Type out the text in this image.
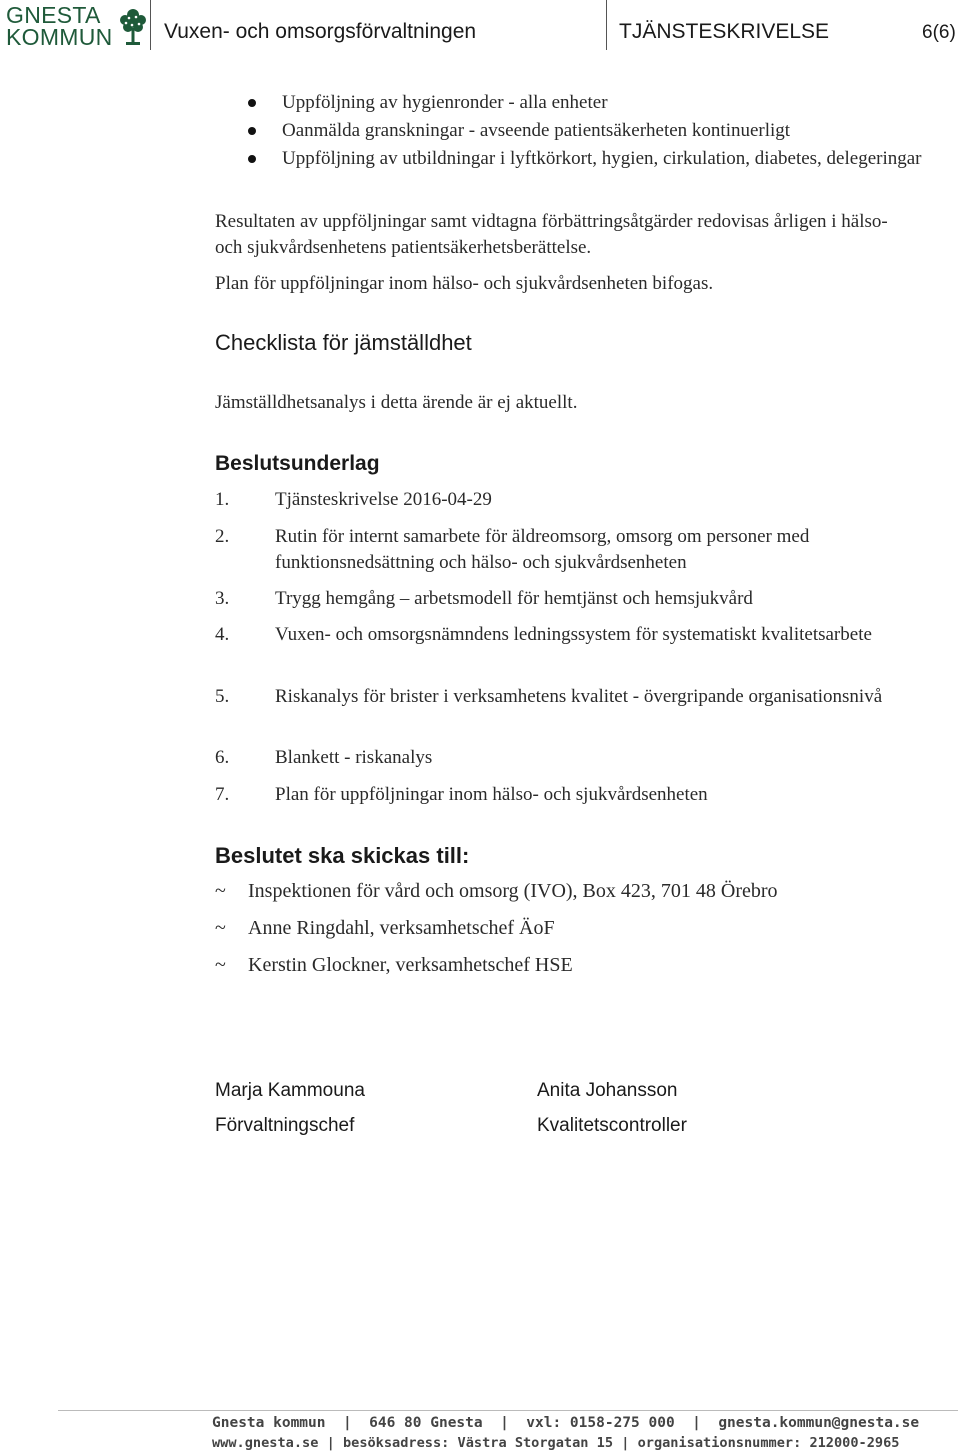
GNESTA
KOMMUN Vuxen- och omsorgsförvaltningen	TJÄNSTESKRIVELSE	6(6)
Uppföljning av hygienronder - alla enheter
Oanmälda granskningar - avseende patientsäkerheten kontinuerligt
Uppföljning av utbildningar i lyftkörkort, hygien, cirkulation, diabetes, delegeringar
Resultaten av uppföljningar samt vidtagna förbättringsåtgärder redovisas årligen i hälso- och sjukvårdsenhetens patientsäkerhetsberättelse.
Plan för uppföljningar inom hälso- och sjukvårdsenheten bifogas.
Checklista för jämställdhet
Jämställdhetsanalys i detta ärende är ej aktuellt.
Beslutsunderlag
1. Tjänsteskrivelse 2016-04-29
2. Rutin för internt samarbete för äldreomsorg, omsorg om personer med funktionsnedsättning och hälso- och sjukvårdsenheten
3. Trygg hemgång – arbetsmodell för hemtjänst och hemsjukvård
4. Vuxen- och omsorgsnämndens ledningssystem för systematiskt kvalitetsarbete
5. Riskanalys för brister i verksamhetens kvalitet - övergripande organisationsnivå
6. Blankett - riskanalys
7. Plan för uppföljningar inom hälso- och sjukvårdsenheten
Beslutet ska skickas till:
~ Inspektionen för vård och omsorg (IVO), Box 423, 701 48 Örebro
~ Anne Ringdahl, verksamhetschef ÄoF
~ Kerstin Glockner, verksamhetschef HSE
Marja Kammouna
Förvaltningschef
Anita Johansson
Kvalitetscontroller
Gnesta kommun  |  646 80 Gnesta  |  vxl: 0158-275 000  |  gnesta.kommun@gnesta.se
www.gnesta.se | besöksadress: Västra Storgatan 15 | organisationsnummer: 212000-2965
